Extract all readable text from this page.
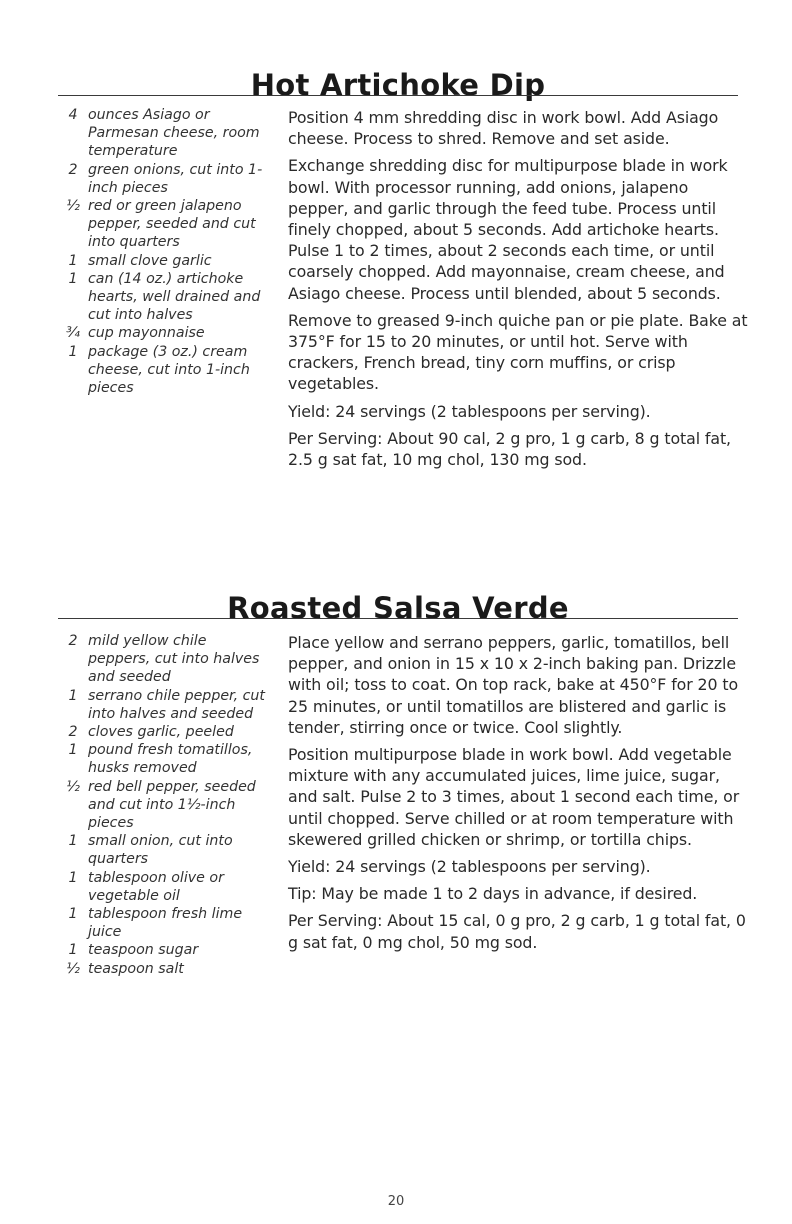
Hot Artichoke Dip
4 ounces Asiago or Parmesan cheese, room temperature
2 green onions, cut into 1-inch pieces
½ red or green jalapeno pepper, seeded and cut into quarters
1 small clove garlic
1 can (14 oz.) artichoke hearts, well drained and cut into halves
¾ cup mayonnaise
1 package (3 oz.) cream cheese, cut into 1-inch pieces

Position 4 mm shredding disc in work bowl. Add Asiago cheese. Process to shred. Remove and set aside.

Exchange shredding disc for multipurpose blade in work bowl. With processor running, add onions, jalapeno pepper, and garlic through the feed tube. Process until finely chopped, about 5 seconds. Add artichoke hearts. Pulse 1 to 2 times, about 2 seconds each time, or until coarsely chopped. Add mayonnaise, cream cheese, and Asiago cheese. Process until blended, about 5 seconds.

Remove to greased 9-inch quiche pan or pie plate. Bake at 375°F for 15 to 20 minutes, or until hot. Serve with crackers, French bread, tiny corn muffins, or crisp vegetables.

Yield: 24 servings (2 tablespoons per serving).

Per Serving: About 90 cal, 2 g pro, 1 g carb, 8 g total fat, 2.5 g sat fat, 10 mg chol, 130 mg sod.

Roasted Salsa Verde
2 mild yellow chile peppers, cut into halves and seeded
1 serrano chile pepper, cut into halves and seeded
2 cloves garlic, peeled
1 pound fresh tomatillos, husks removed
½ red bell pepper, seeded and cut into 1½-inch pieces
1 small onion, cut into quarters
1 tablespoon olive or vegetable oil
1 tablespoon fresh lime juice
1 teaspoon sugar
½ teaspoon salt

Place yellow and serrano peppers, garlic, tomatillos, bell pepper, and onion in 15 x 10 x 2-inch baking pan. Drizzle with oil; toss to coat. On top rack, bake at 450°F for 20 to 25 minutes, or until tomatillos are blistered and garlic is tender, stirring once or twice. Cool slightly.

Position multipurpose blade in work bowl. Add vegetable mixture with any accumulated juices, lime juice, sugar, and salt. Pulse 2 to 3 times, about 1 second each time, or until chopped. Serve chilled or at room temperature with skewered grilled chicken or shrimp, or tortilla chips.

Yield: 24 servings (2 tablespoons per serving).

Tip: May be made 1 to 2 days in advance, if desired.

Per Serving: About 15 cal, 0 g pro, 2 g carb, 1 g total fat, 0 g sat fat, 0 mg chol, 50 mg sod.

20
